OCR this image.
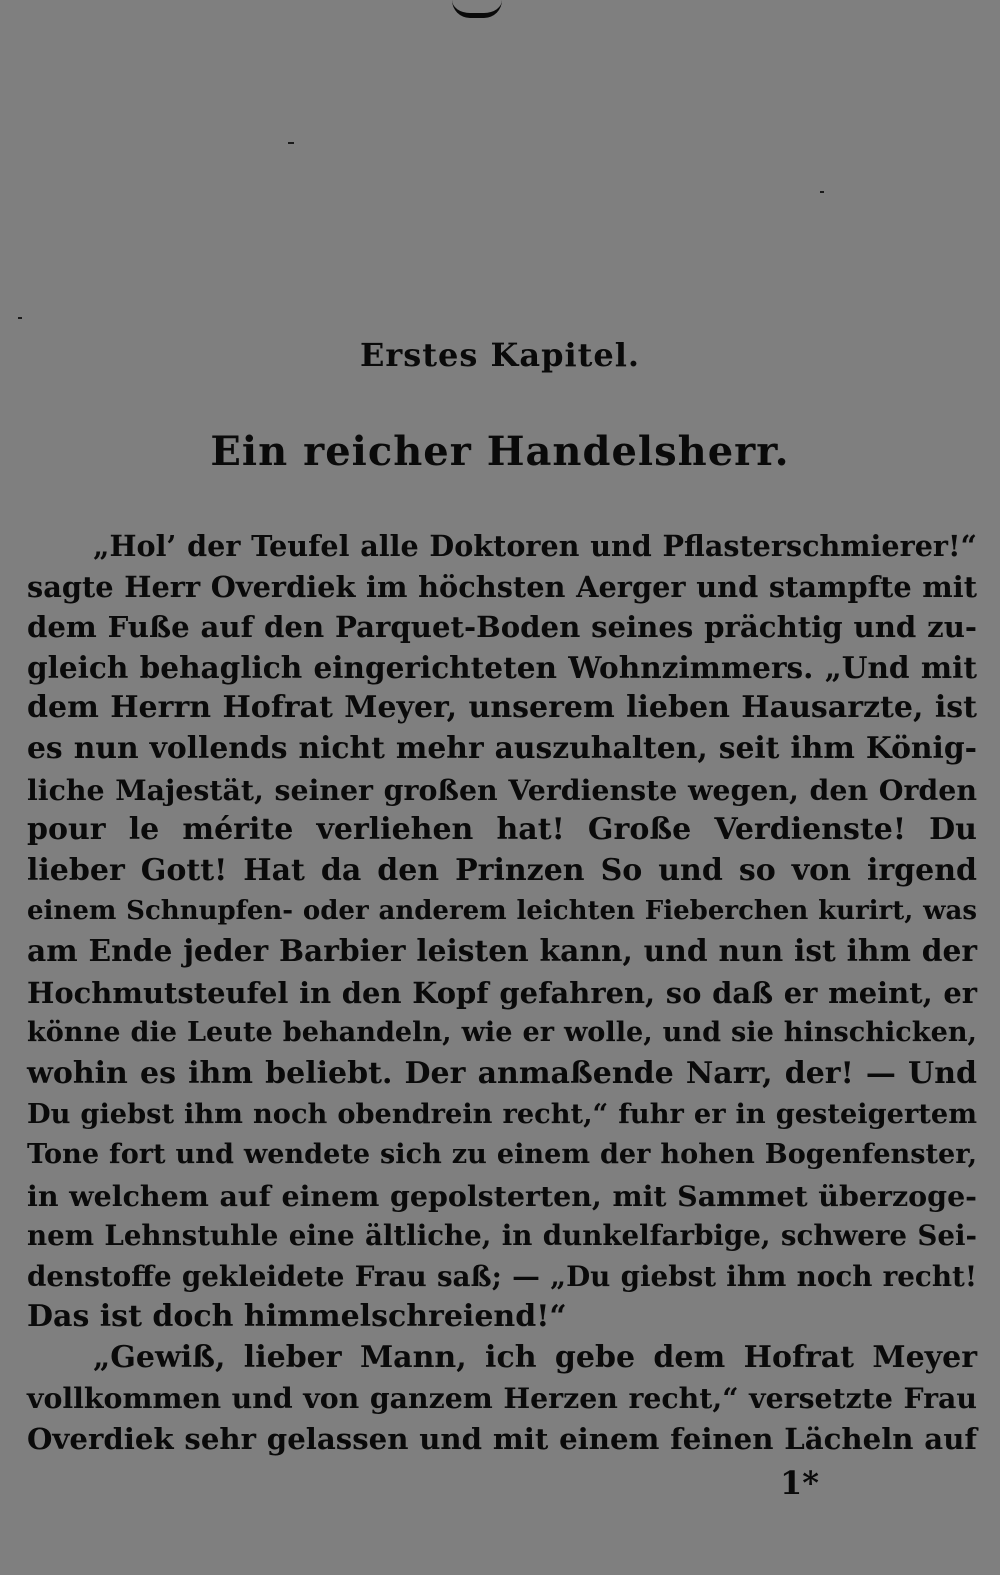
Erstes Kapitel.
Ein reicher Handelsherr.
„Hol’ der Teufel alle Doktoren und Pflasterschmierer!“
sagte Herr Overdiek im höchsten Aerger und stampfte mit
dem Fuße auf den Parquet-Boden seines prächtig und zu-
gleich behaglich eingerichteten Wohnzimmers. „Und mit
dem Herrn Hofrat Meyer, unserem lieben Hausarzte, ist
es nun vollends nicht mehr auszuhalten, seit ihm König-
liche Majestät, seiner großen Verdienste wegen, den Orden
pour le mérite verliehen hat! Große Verdienste! Du
lieber Gott! Hat da den Prinzen So und so von irgend
einem Schnupfen- oder anderem leichten Fieberchen kurirt, was
am Ende jeder Barbier leisten kann, und nun ist ihm der
Hochmutsteufel in den Kopf gefahren, so daß er meint, er
könne die Leute behandeln, wie er wolle, und sie hinschicken,
wohin es ihm beliebt. Der anmaßende Narr, der! — Und
Du giebst ihm noch obendrein recht,“ fuhr er in gesteigertem
Tone fort und wendete sich zu einem der hohen Bogenfenster,
in welchem auf einem gepolsterten, mit Sammet überzoge-
nem Lehnstuhle eine ältliche, in dunkelfarbige, schwere Sei-
denstoffe gekleidete Frau saß; — „Du giebst ihm noch recht!
Das ist doch himmelschreiend!“
„Gewiß, lieber Mann, ich gebe dem Hofrat Meyer
vollkommen und von ganzem Herzen recht,“ versetzte Frau
Overdiek sehr gelassen und mit einem feinen Lächeln auf
1*
